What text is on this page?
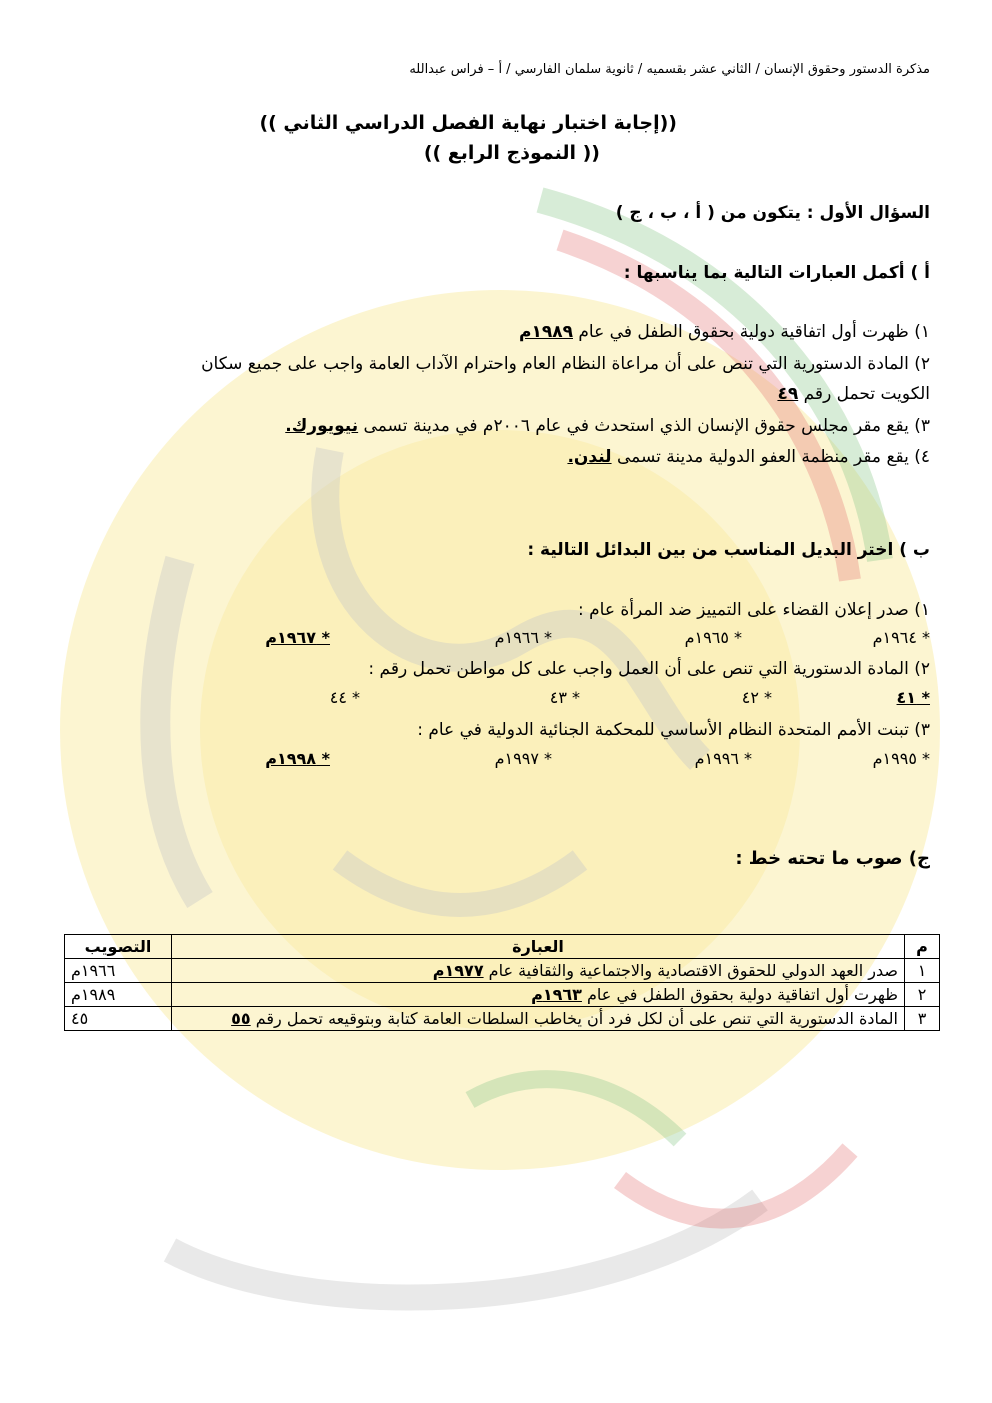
مذكرة الدستور وحقوق الإنسان / الثاني عشر بقسميه / ثانوية سلمان الفارسي / أ – فراس عبدالله
((إجابة اختبار نهاية الفصل الدراسي الثاني ))
(( النموذج الرابع ))
السؤال الأول : يتكون من ( أ ، ب ، ج )
أ ) أكمل العبارات التالية بما يناسبها :
١) ظهرت أول اتفاقية دولية بحقوق الطفل في عام ١٩٨٩م
٢) المادة الدستورية التي تنص على أن مراعاة النظام العام واحترام الآداب العامة واجب على جميع سكان
الكويت تحمل رقم ٤٩
٣) يقع مقر مجلس حقوق الإنسان الذي استحدث في عام ٢٠٠٦م في مدينة تسمى نيويورك.
٤) يقع مقر منظمة العفو الدولية مدينة تسمى لندن.
ب ) اختر البديل المناسب من بين البدائل التالية :
١) صدر إعلان القضاء على التمييز ضد المرأة عام :
* ١٩٦٤م
* ١٩٦٥م
* ١٩٦٦م
* ١٩٦٧م
٢) المادة الدستورية التي تنص على أن العمل واجب على كل مواطن تحمل رقم :
* ٤١
* ٤٢
* ٤٣
* ٤٤
٣) تبنت الأمم المتحدة النظام الأساسي للمحكمة الجنائية الدولية في عام :
* ١٩٩٥م
* ١٩٩٦م
* ١٩٩٧م
* ١٩٩٨م
ج) صوب ما تحته خط :
م	العبارة	التصويب
١	صدر العهد الدولي للحقوق الاقتصادية والاجتماعية والثقافية عام ١٩٧٧م	١٩٦٦م
٢	ظهرت أول اتفاقية دولية بحقوق الطفل في عام ١٩٦٣م	١٩٨٩م
٣	المادة الدستورية التي تنص على أن لكل فرد أن يخاطب السلطات العامة كتابة وبتوقيعه تحمل رقم ٥٥	٤٥
